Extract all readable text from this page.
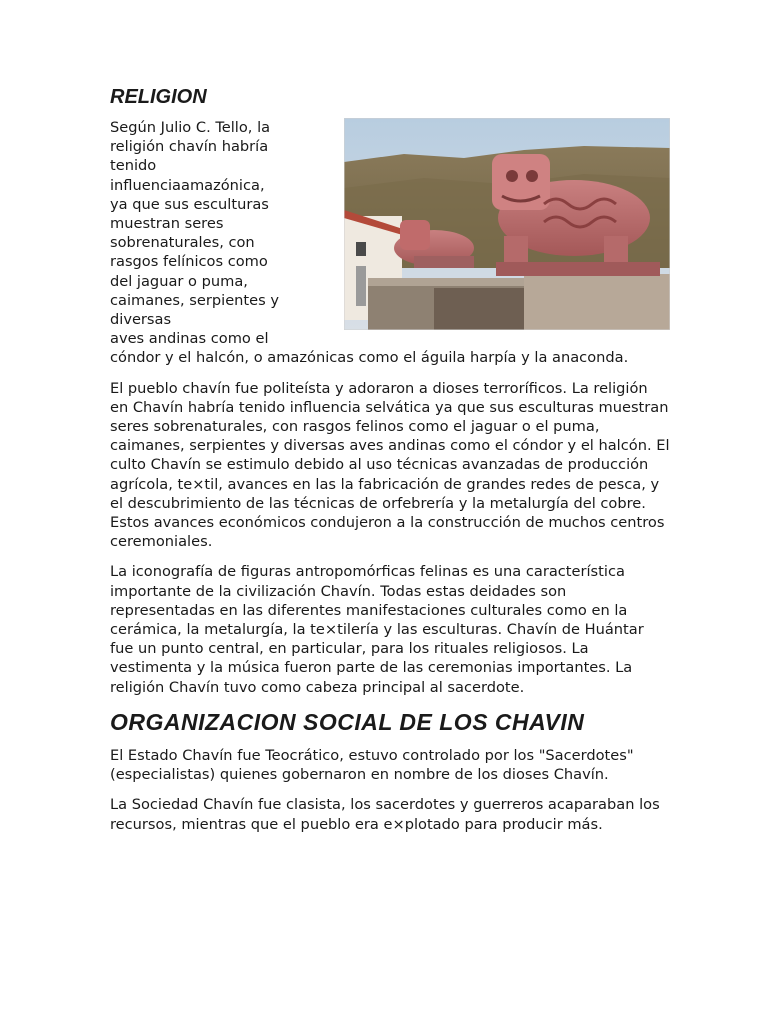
RELIGION
Según Julio C. Tello, la
religión chavín habría
tenido
influenciaamazónica,
ya que sus esculturas
muestran seres
sobrenaturales, con
rasgos felínicos como
del jaguar o puma,
caimanes, serpientes y
diversas
aves andinas como el
cóndor y el halcón, o amazónicas como el águila harpía y la anaconda.

El pueblo chavín fue politeísta y adoraron a dioses terroríficos. La religión en Chavín habría tenido influencia selvática ya que sus esculturas muestran seres sobrenaturales, con rasgos felinos como el jaguar o el puma, caimanes, serpientes y diversas aves andinas como el cóndor y el halcón. El culto Chavín se estimulo debido al uso técnicas avanzadas de producción agrícola, te×til, avances en las la fabricación de grandes redes de pesca, y el descubrimiento de las técnicas de orfebrería y la metalurgía del cobre. Estos avances económicos condujeron a la construcción de muchos centros ceremoniales.

La iconografía de figuras antropomórficas felinas es una característica importante de la civilización Chavín. Todas estas deidades son representadas en las diferentes manifestaciones culturales como en la cerámica, la metalurgía, la te×tilería y las esculturas. Chavín de Huántar fue un punto central, en particular, para los rituales religiosos. La vestimenta y la música fueron parte de las ceremonias importantes. La religión Chavín tuvo como cabeza principal al sacerdote.

ORGANIZACION SOCIAL DE LOS CHAVIN

El Estado Chavín fue Teocrático, estuvo controlado por los "Sacerdotes"(especialistas) quienes gobernaron en nombre de los dioses Chavín.

La Sociedad Chavín fue clasista, los sacerdotes y guerreros acaparaban los recursos, mientras que el pueblo era e×plotado para producir más.
